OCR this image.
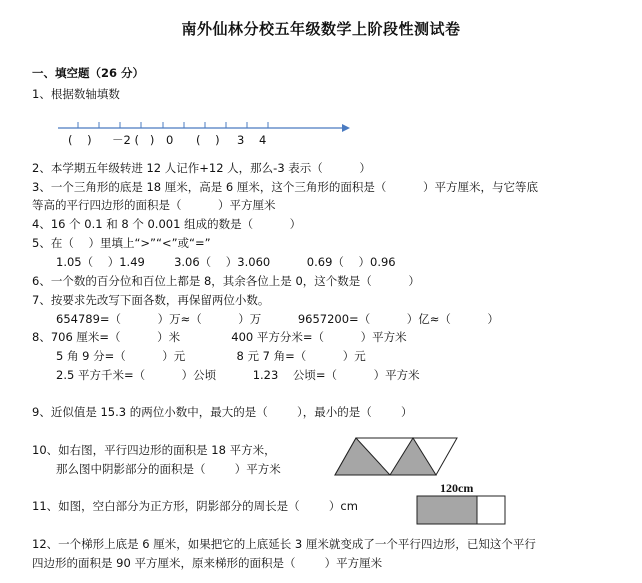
南外仙林分校五年级数学上阶段性测试卷
一、填空题（26 分）
1、根据数轴填数
(    ) －2 (   ) 0 (    ) 3 4
2、本学期五年级转进 12 人记作+12 人，那么-3 表示（          ）
3、一个三角形的底是 18 厘米，高是 6 厘米，这个三角形的面积是（          ）平方厘米，与它等底
等高的平行四边形的面积是（          ）平方厘米
4、16 个 0.1 和 8 个 0.001 组成的数是（          ）
5、在（    ）里填上“>”“<”或“=”
1.05（    ）1.49        3.06（    ）3.060          0.69（    ）0.96
6、一个数的百分位和百位上都是 8，其余各位上是 0，这个数是（          ）
7、按要求先改写下面各数，再保留两位小数。
654789=（          ）万≈（          ）万          9657200=（          ）亿≈（          ）
8、706 厘米=（          ）米              400 平方分米=（          ）平方米
5 角 9 分=（          ）元              8 元 7 角=（          ）元
2.5 平方千米=（          ）公顷          1.23    公顷=（          ）平方米
9、近似值是 15.3 的两位小数中，最大的是（        ），最小的是（        ）
10、如右图，平行四边形的面积是 18 平方米，
那么图中阴影部分的面积是（        ）平方米
11、如图，空白部分为正方形，阴影部分的周长是（        ）cm
120cm
12、一个梯形上底是 6 厘米，如果把它的上底延长 3 厘米就变成了一个平行四边形，已知这个平行
四边形的面积是 90 平方厘米，原来梯形的面积是（        ）平方厘米
